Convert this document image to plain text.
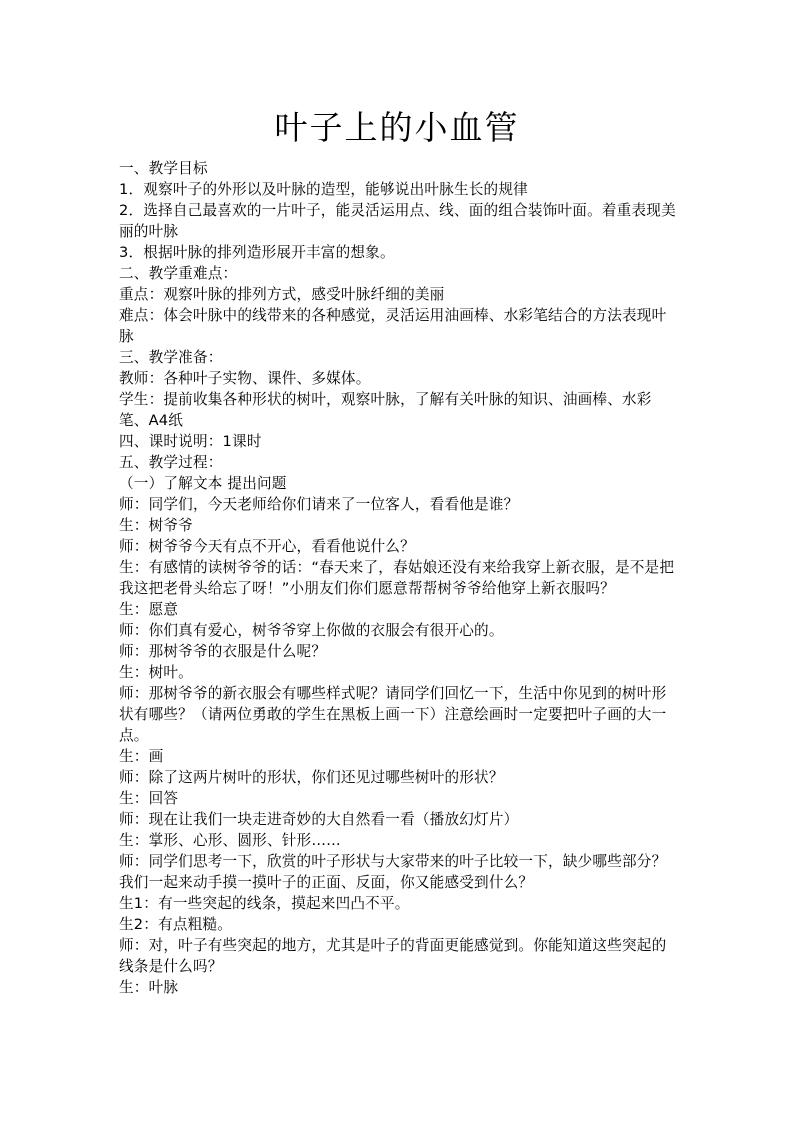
叶子上的小血管

一、教学目标

1．观察叶子的外形以及叶脉的造型，能够说出叶脉生长的规律

2．选择自己最喜欢的一片叶子，能灵活运用点、线、面的组合装饰叶面。着重表现美丽的叶脉

3．根据叶脉的排列造形展开丰富的想象。

二、教学重难点：

重点：观察叶脉的排列方式，感受叶脉纤细的美丽

难点：体会叶脉中的线带来的各种感觉，灵活运用油画棒、水彩笔结合的方法表现叶脉

三、教学准备：

教师：各种叶子实物、课件、多媒体。

学生：提前收集各种形状的树叶，观察叶脉，了解有关叶脉的知识、油画棒、水彩笔、A4纸

四、课时说明：1课时

五、教学过程：

（一）了解文本 提出问题

师：同学们，今天老师给你们请来了一位客人，看看他是谁？

生：树爷爷

师：树爷爷今天有点不开心，看看他说什么？

生：有感情的读树爷爷的话：“春天来了，春姑娘还没有来给我穿上新衣服，是不是把我这把老骨头给忘了呀！”小朋友们你们愿意帮帮树爷爷给他穿上新衣服吗？

生：愿意

师：你们真有爱心，树爷爷穿上你做的衣服会有很开心的。

师：那树爷爷的衣服是什么呢？

生：树叶。

师：那树爷爷的新衣服会有哪些样式呢？请同学们回忆一下，生活中你见到的树叶形状有哪些？（请两位勇敢的学生在黑板上画一下）注意绘画时一定要把叶子画的大一点。

生：画

师：除了这两片树叶的形状，你们还见过哪些树叶的形状？

生：回答

师：现在让我们一块走进奇妙的大自然看一看（播放幻灯片）

生：掌形、心形、圆形、针形……

师：同学们思考一下，欣赏的叶子形状与大家带来的叶子比较一下，缺少哪些部分？我们一起来动手摸一摸叶子的正面、反面，你又能感受到什么？

生1：有一些突起的线条，摸起来凹凸不平。

生2：有点粗糙。

师：对，叶子有些突起的地方，尤其是叶子的背面更能感觉到。你能知道这些突起的线条是什么吗？

生：叶脉
